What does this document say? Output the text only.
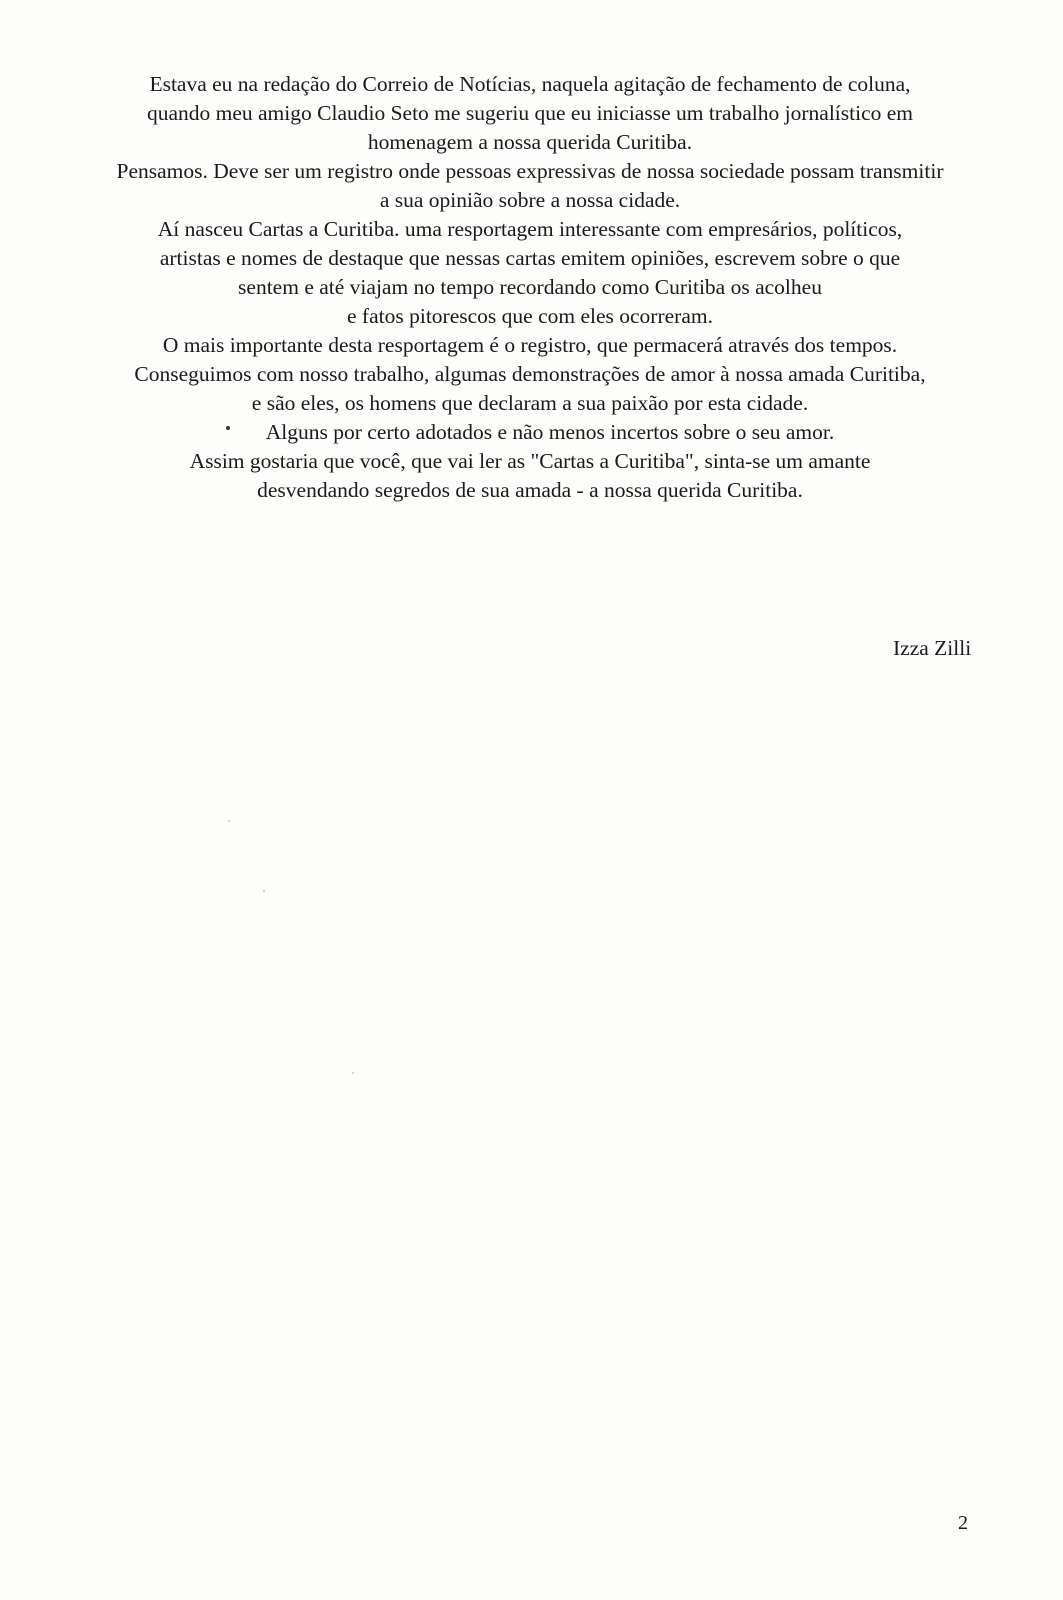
Estava eu na redação do Correio de Notícias, naquela agitação de fechamento de coluna,
quando meu amigo Claudio Seto me sugeriu que eu iniciasse um trabalho jornalístico em
homenagem a nossa querida Curitiba.
Pensamos. Deve ser um registro onde pessoas expressivas de nossa sociedade possam transmitir
a sua opinião sobre a nossa cidade.
Aí nasceu Cartas a Curitiba. uma resportagem interessante com empresários, políticos,
artistas e nomes de destaque que nessas cartas emitem opiniões, escrevem sobre o que
sentem e até viajam no tempo recordando como Curitiba os acolheu
e fatos pitorescos que com eles ocorreram.
O mais importante desta resportagem é o registro, que permacerá através dos tempos.
Conseguimos com nosso trabalho, algumas demonstrações de amor à nossa amada Curitiba,
e são eles, os homens que declaram a sua paixão por esta cidade.
Alguns por certo adotados e não menos incertos sobre o seu amor.
Assim gostaria que você, que vai ler as "Cartas a Curitiba", sinta-se um amante
desvendando segredos de sua amada - a nossa querida Curitiba.
Izza Zilli
2
